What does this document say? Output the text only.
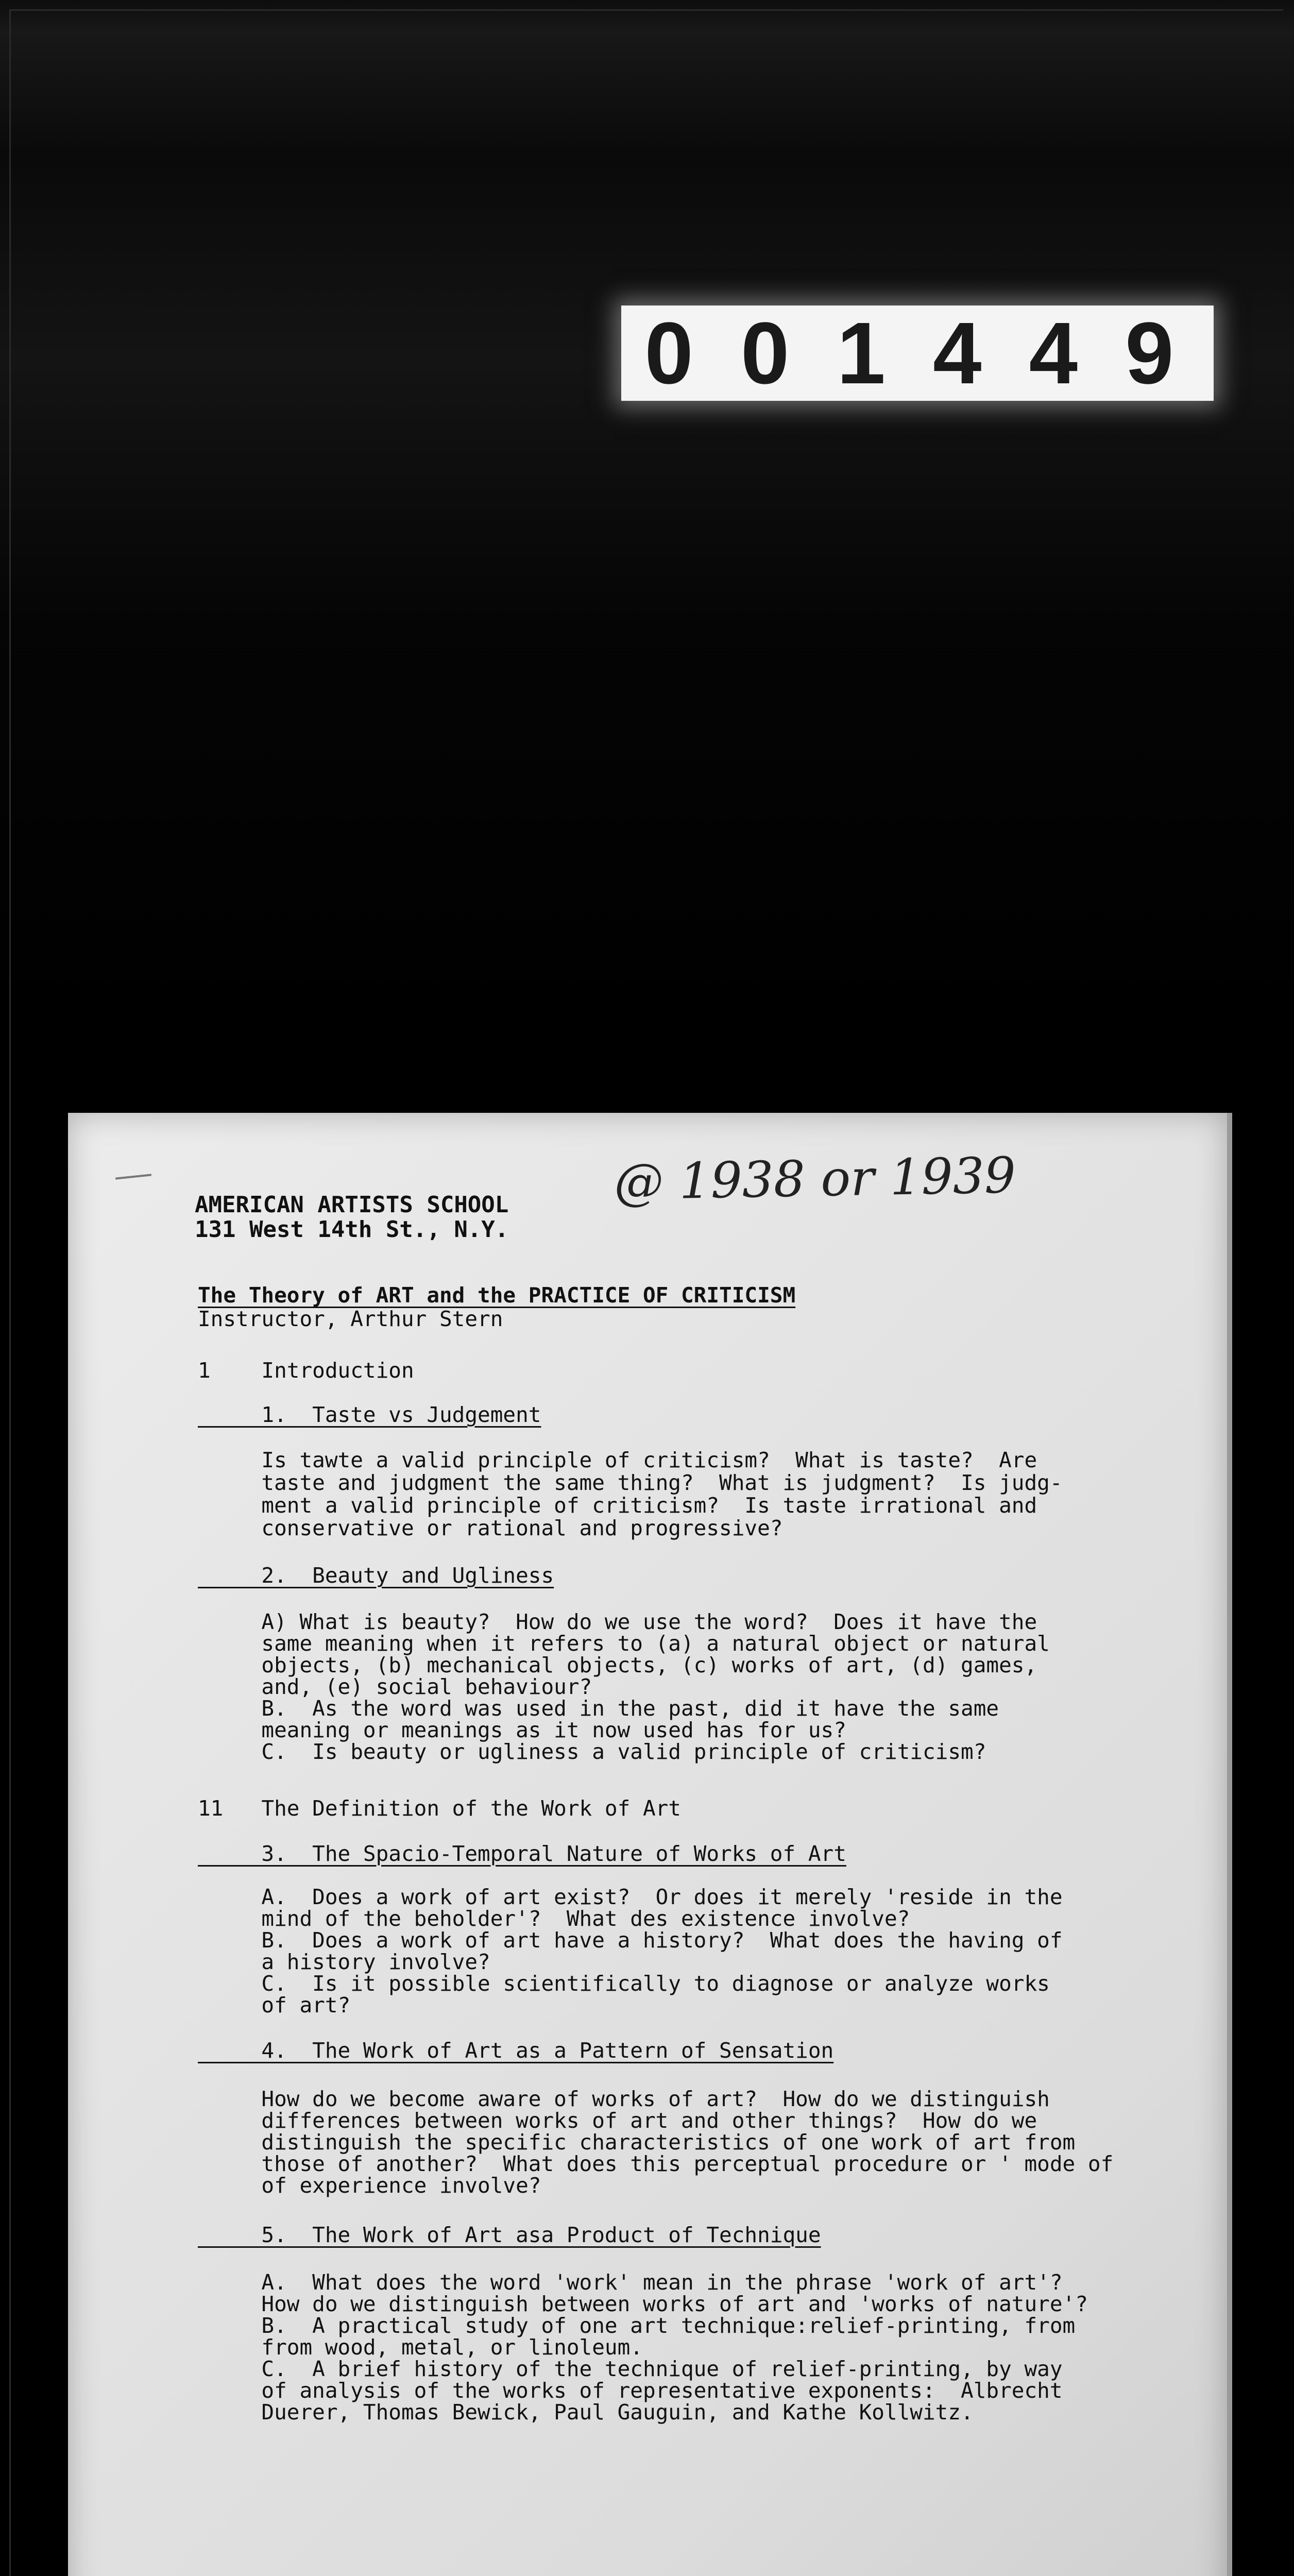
001449
AMERICAN ARTISTS SCHOOL
131 West 14th St., N.Y.
@ 1938 or 1939
The Theory of ART and the PRACTICE OF CRITICISM
Instructor, Arthur Stern
1    Introduction
1.  Taste vs Judgement
Is tawte a valid principle of criticism?  What is taste?  Are
taste and judgment the same thing?  What is judgment?  Is judg-
ment a valid principle of criticism?  Is taste irrational and
conservative or rational and progressive?
2.  Beauty and Ugliness
A) What is beauty?  How do we use the word?  Does it have the
same meaning when it refers to (a) a natural object or natural
objects, (b) mechanical objects, (c) works of art, (d) games,
and, (e) social behaviour?
B.  As the word was used in the past, did it have the same
meaning or meanings as it now used has for us?
C.  Is beauty or ugliness a valid principle of criticism?
11   The Definition of the Work of Art
3.  The Spacio-Temporal Nature of Works of Art
A.  Does a work of art exist?  Or does it merely 'reside in the
mind of the beholder'?  What des existence involve?
B.  Does a work of art have a history?  What does the having of
a history involve?
C.  Is it possible scientifically to diagnose or analyze works
of art?
4.  The Work of Art as a Pattern of Sensation
How do we become aware of works of art?  How do we distinguish
differences between works of art and other things?  How do we
distinguish the specific characteristics of one work of art from
those of another?  What does this perceptual procedure or ' mode of
of experience involve?
5.  The Work of Art asa Product of Technique
A.  What does the word 'work' mean in the phrase 'work of art'?
How do we distinguish between works of art and 'works of nature'?
B.  A practical study of one art technique:relief-printing, from
from wood, metal, or linoleum.
C.  A brief history of the technique of relief-printing, by way
of analysis of the works of representative exponents:  Albrecht
Duerer, Thomas Bewick, Paul Gauguin, and Kathe Kollwitz.
